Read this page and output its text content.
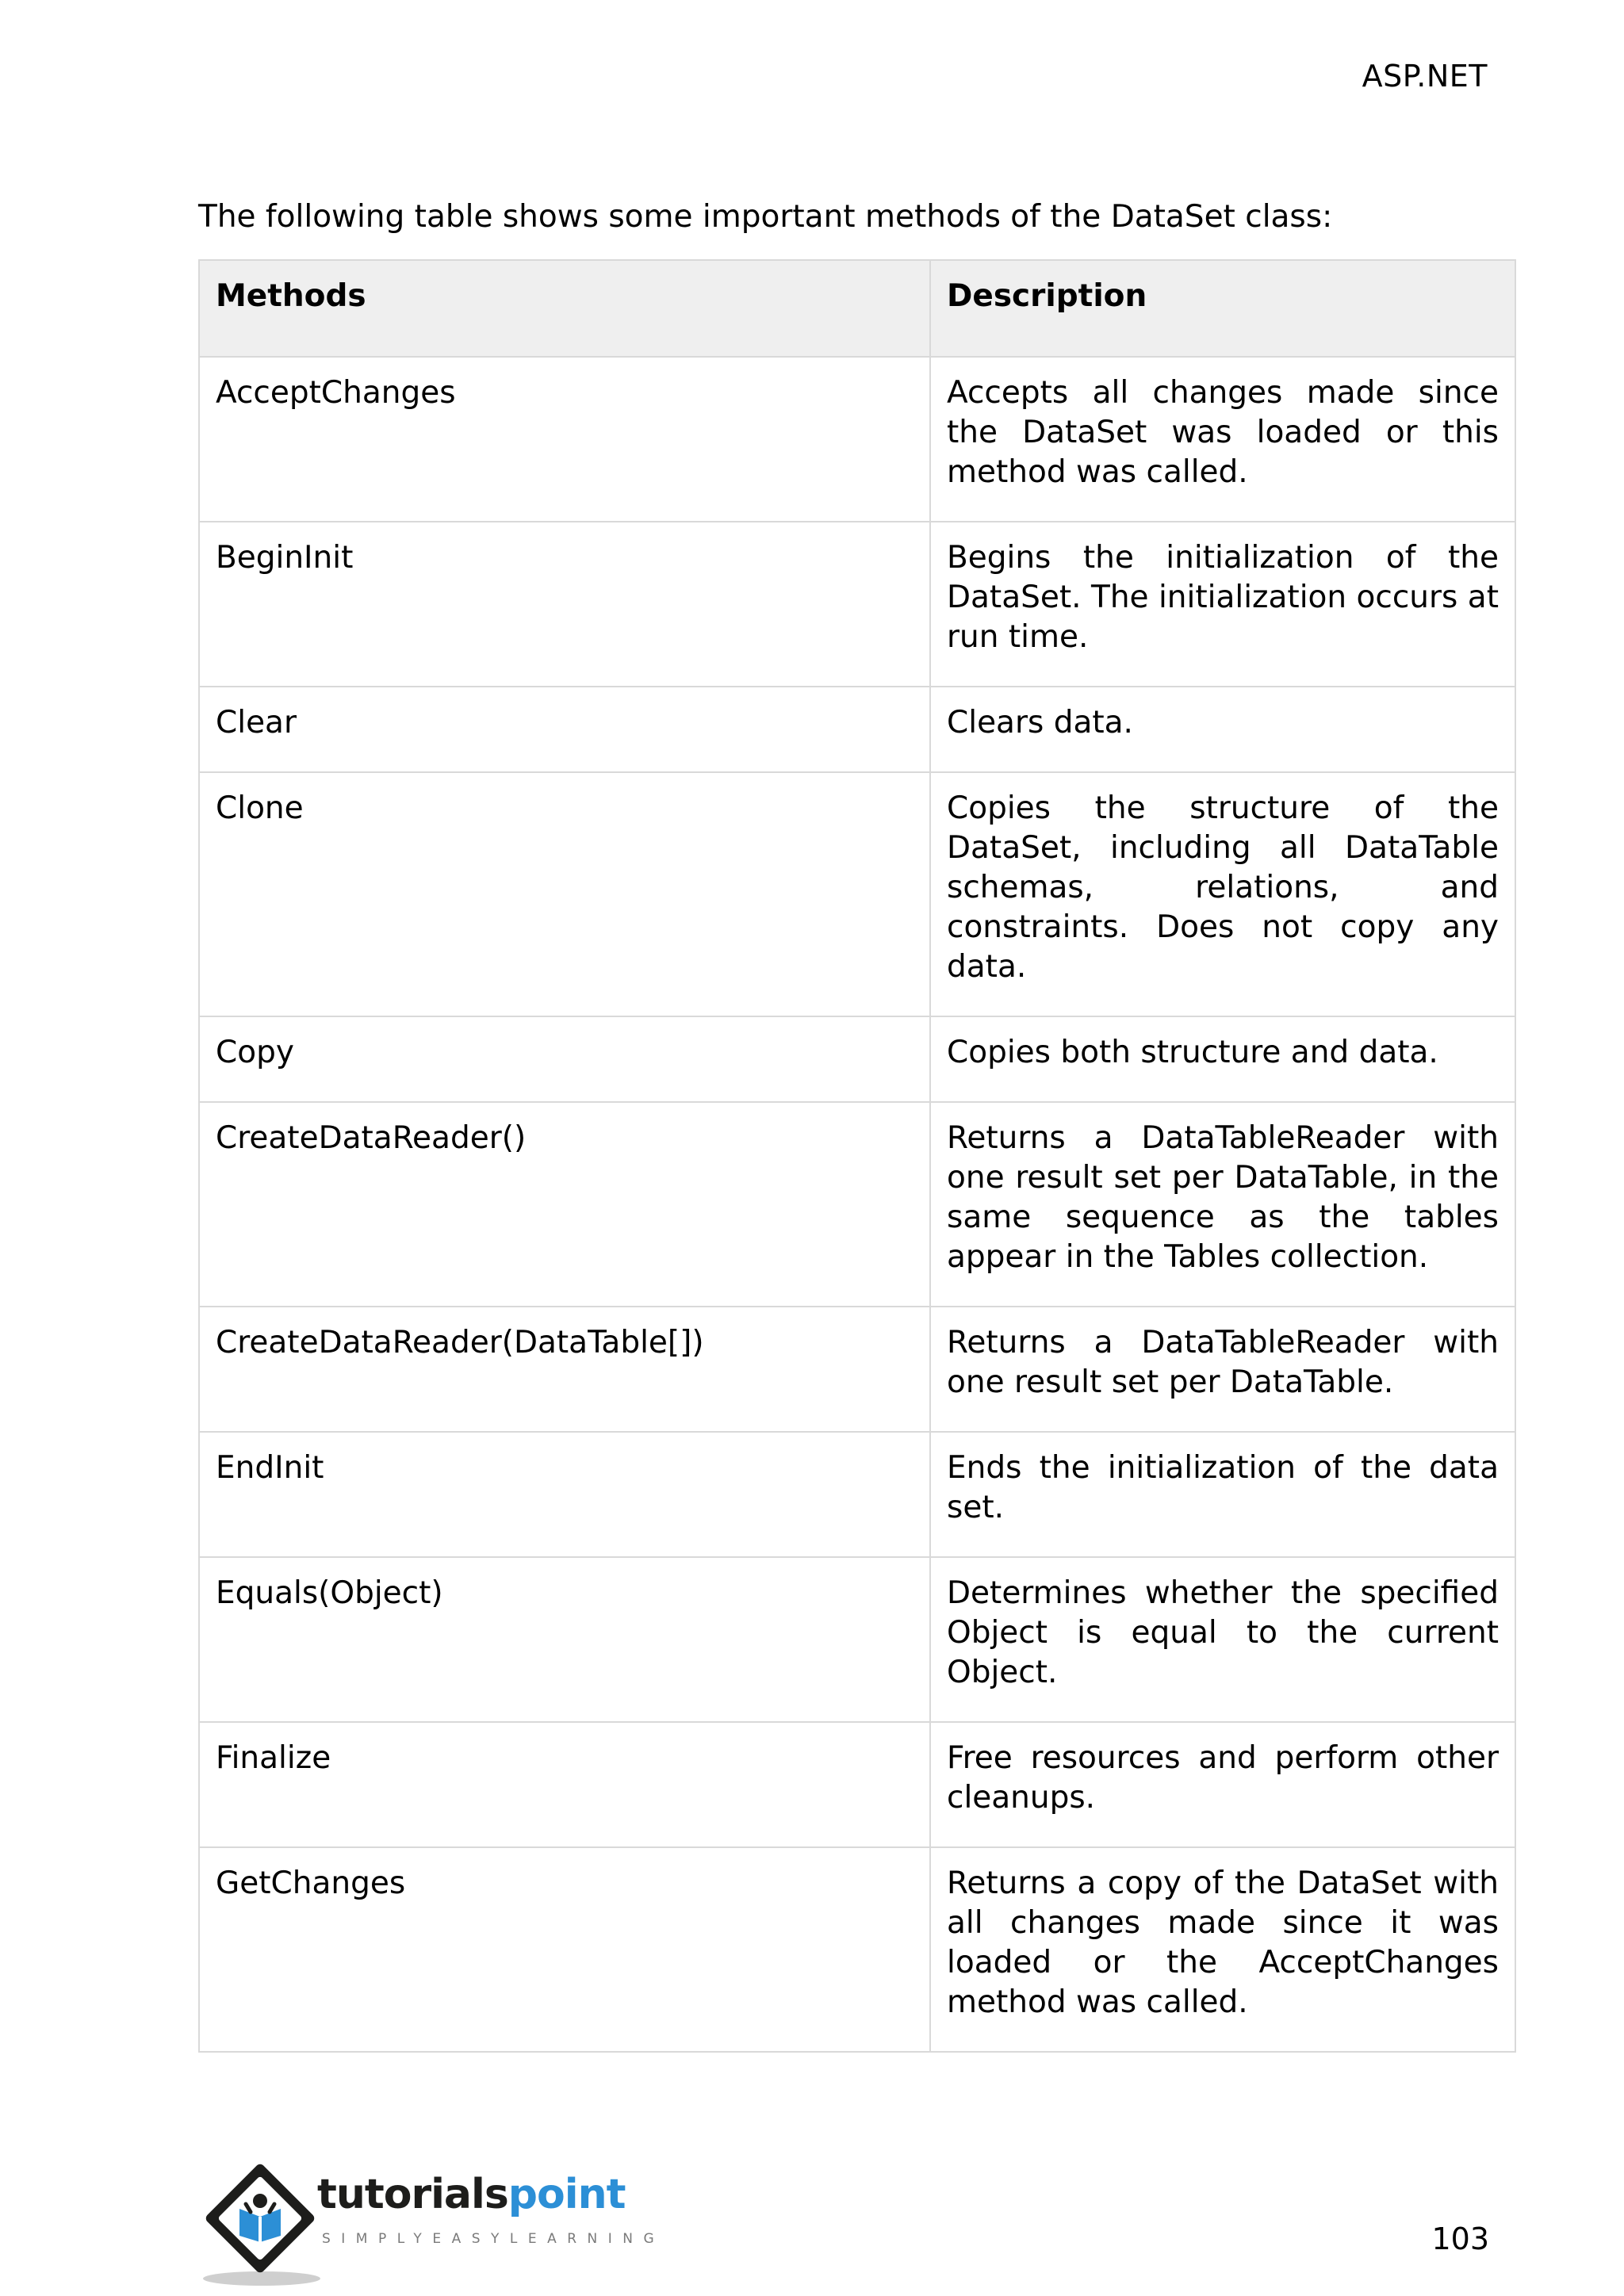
ASP.NET

The following table shows some important methods of the DataSet class:

Methods	Description
AcceptChanges	Accepts all changes made since the DataSet was loaded or this method was called.
BeginInit	Begins the initialization of the DataSet. The initialization occurs at run time.
Clear	Clears data.
Clone	Copies the structure of the DataSet, including all DataTable schemas, relations, and constraints. Does not copy any data.
Copy	Copies both structure and data.
CreateDataReader()	Returns a DataTableReader with one result set per DataTable, in the same sequence as the tables appear in the Tables collection.
CreateDataReader(DataTable[])	Returns a DataTableReader with one result set per DataTable.
EndInit	Ends the initialization of the data set.
Equals(Object)	Determines whether the specified Object is equal to the current Object.
Finalize	Free resources and perform other cleanups.
GetChanges	Returns a copy of the DataSet with all changes made since it was loaded or the AcceptChanges method was called.
tutorialspoint
SIMPLYEASYLEARNING	103
